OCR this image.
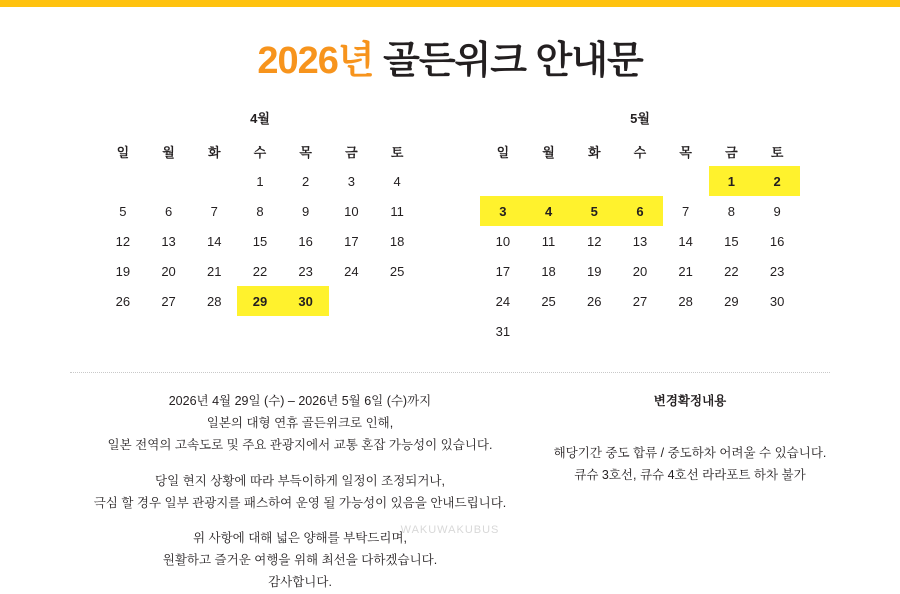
2026년 골든위크 안내문
4월
일	월	화	수	목	금	토
			1	2	3	4
5	6	7	8	9	10	11
12	13	14	15	16	17	18
19	20	21	22	23	24	25
26	27	28	29	30		
5월
일	월	화	수	목	금	토
					1	2
3	4	5	6	7	8	9
10	11	12	13	14	15	16
17	18	19	20	21	22	23
24	25	26	27	28	29	30
31						
2026년 4월 29일 (수) – 2026년 5월 6일 (수)까지
일본의 대형 연휴 골든위크로 인해,
일본 전역의 고속도로 및 주요 관광지에서 교통 혼잡 가능성이 있습니다.
당일 현지 상황에 따라 부득이하게 일정이 조정되거나,
극심 할 경우 일부 관광지를 패스하여 운영 될 가능성이 있음을 안내드립니다.
위 사항에 대해 넓은 양해를 부탁드리며,
원활하고 즐거운 여행을 위해 최선을 다하겠습니다.
감사합니다.
변경확정내용
해당기간 중도 합류 / 중도하차 어려울 수 있습니다.
큐슈 3호선, 큐슈 4호선 라라포트 하차 불가
WAKUWAKUBUS
